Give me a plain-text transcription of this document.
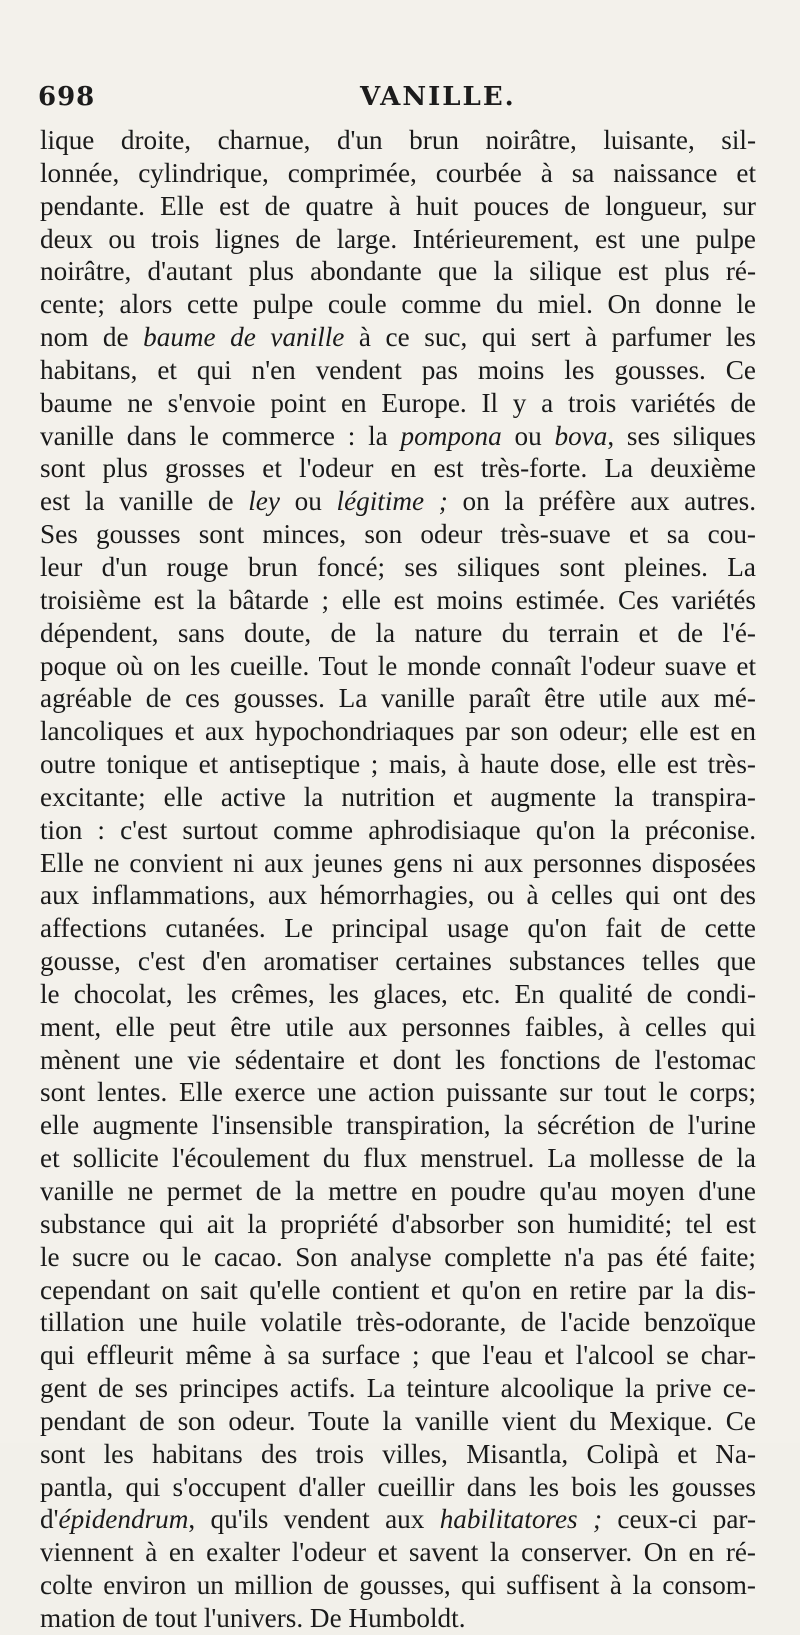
698	VANILLE.
lique droite, charnue, d'un brun noirâtre, luisante, sil-
lonnée, cylindrique, comprimée, courbée à sa naissance et
pendante. Elle est de quatre à huit pouces de longueur, sur
deux ou trois lignes de large. Intérieurement, est une pulpe
noirâtre, d'autant plus abondante que la silique est plus ré-
cente; alors cette pulpe coule comme du miel. On donne le
nom de baume de vanille à ce suc, qui sert à parfumer les
habitans, et qui n'en vendent pas moins les gousses. Ce
baume ne s'envoie point en Europe. Il y a trois variétés de
vanille dans le commerce : la pompona ou bova, ses siliques
sont plus grosses et l'odeur en est très-forte. La deuxième
est la vanille de ley ou légitime ; on la préfère aux autres.
Ses gousses sont minces, son odeur très-suave et sa cou-
leur d'un rouge brun foncé; ses siliques sont pleines. La
troisième est la bâtarde ; elle est moins estimée. Ces variétés
dépendent, sans doute, de la nature du terrain et de l'é-
poque où on les cueille. Tout le monde connaît l'odeur suave et
agréable de ces gousses. La vanille paraît être utile aux mé-
lancoliques et aux hypochondriaques par son odeur; elle est en
outre tonique et antiseptique ; mais, à haute dose, elle est très-
excitante; elle active la nutrition et augmente la transpira-
tion : c'est surtout comme aphrodisiaque qu'on la préconise.
Elle ne convient ni aux jeunes gens ni aux personnes disposées
aux inflammations, aux hémorrhagies, ou à celles qui ont des
affections cutanées. Le principal usage qu'on fait de cette
gousse, c'est d'en aromatiser certaines substances telles que
le chocolat, les crêmes, les glaces, etc. En qualité de condi-
ment, elle peut être utile aux personnes faibles, à celles qui
mènent une vie sédentaire et dont les fonctions de l'estomac
sont lentes. Elle exerce une action puissante sur tout le corps;
elle augmente l'insensible transpiration, la sécrétion de l'urine
et sollicite l'écoulement du flux menstruel. La mollesse de la
vanille ne permet de la mettre en poudre qu'au moyen d'une
substance qui ait la propriété d'absorber son humidité; tel est
le sucre ou le cacao. Son analyse complette n'a pas été faite;
cependant on sait qu'elle contient et qu'on en retire par la dis-
tillation une huile volatile très-odorante, de l'acide benzoïque
qui effleurit même à sa surface ; que l'eau et l'alcool se char-
gent de ses principes actifs. La teinture alcoolique la prive ce-
pendant de son odeur. Toute la vanille vient du Mexique. Ce
sont les habitans des trois villes, Misantla, Colipà et Na-
pantla, qui s'occupent d'aller cueillir dans les bois les gousses
d'épidendrum, qu'ils vendent aux habilitatores ; ceux-ci par-
viennent à en exalter l'odeur et savent la conserver. On en ré-
colte environ un million de gousses, qui suffisent à la consom-
mation de tout l'univers. De Humboldt.
